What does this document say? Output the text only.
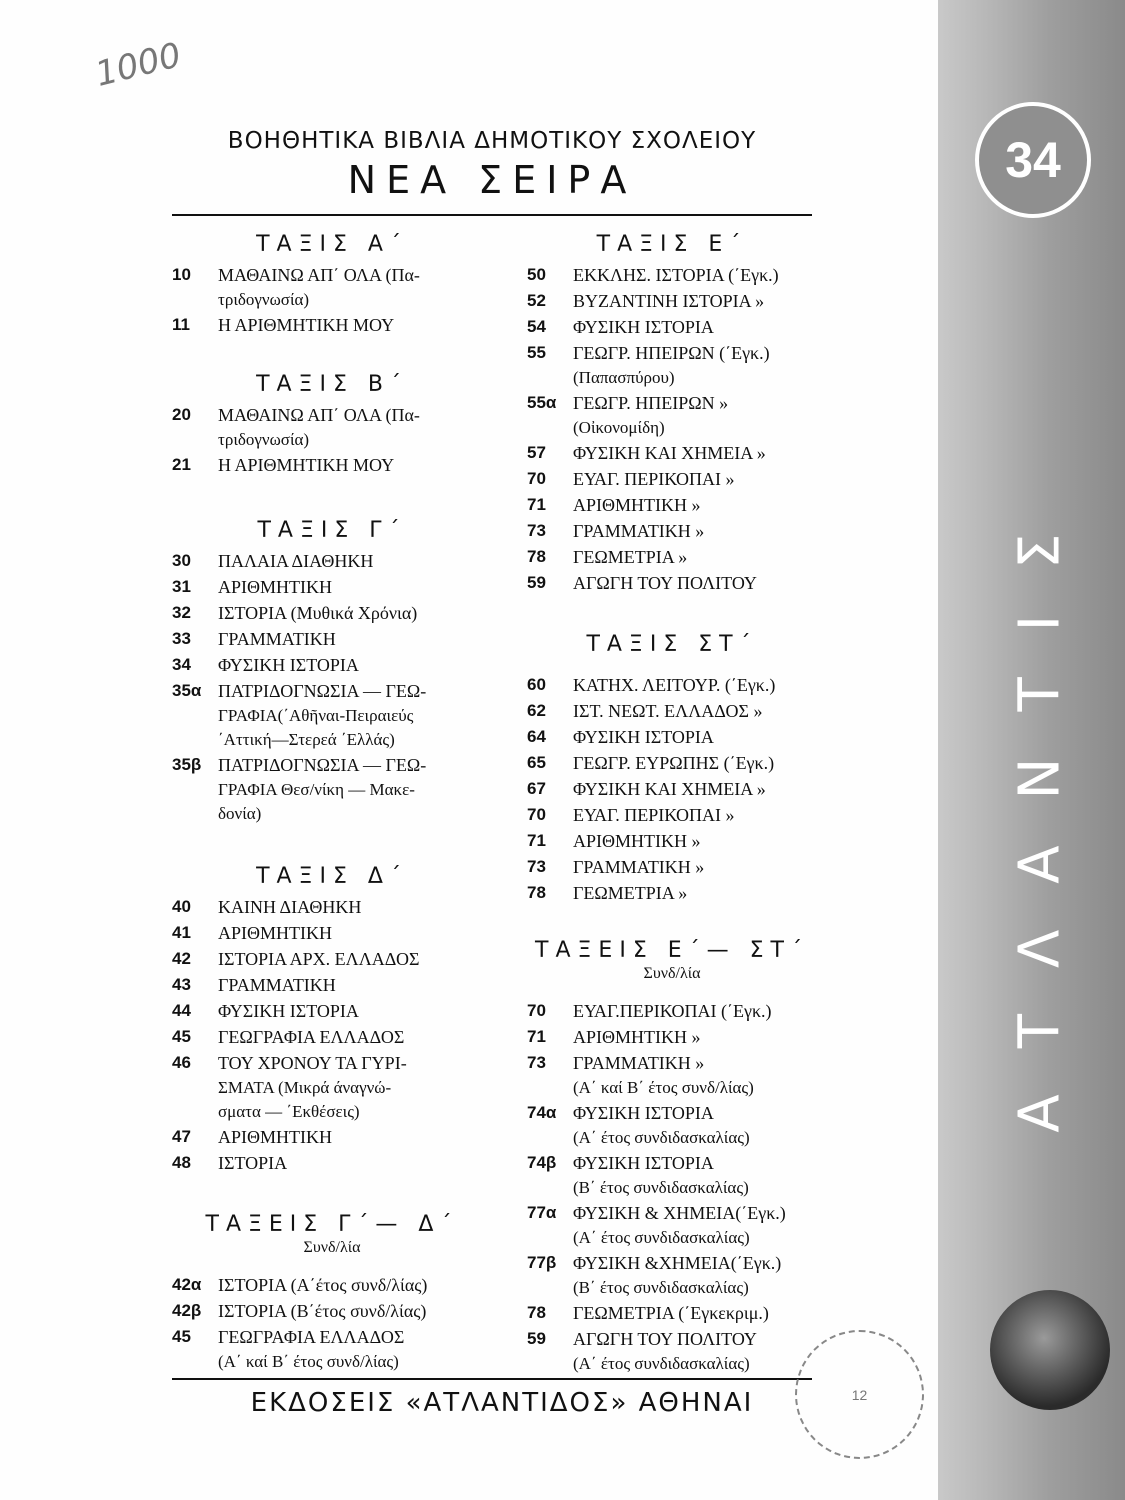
1000
ΒΟΗΘΗΤΙΚΑ ΒΙΒΛΙΑ ΔΗΜΟΤΙΚΟΥ ΣΧΟΛΕΙΟΥ
ΝΕΑ ΣΕΙΡΑ
ΤΑΞΙΣ Α΄
10	ΜΑΘΑΙΝΩ ΑΠ΄ ΟΛΑ (Πα-
τριδογνωσία)
11	Η ΑΡΙΘΜΗΤΙΚΗ ΜΟΥ
ΤΑΞΙΣ Β΄
20	ΜΑΘΑΙΝΩ ΑΠ΄ ΟΛΑ (Πα-
τριδογνωσία)
21	Η ΑΡΙΘΜΗΤΙΚΗ ΜΟΥ
ΤΑΞΙΣ Γ΄
30	ΠΑΛΑΙΑ ΔΙΑΘΗΚΗ
31	ΑΡΙΘΜΗΤΙΚΗ
32	ΙΣΤΟΡΙΑ (Μυθικά Χρόνια)
33	ΓΡΑΜΜΑΤΙΚΗ
34	ΦΥΣΙΚΗ ΙΣΤΟΡΙΑ
35α ΠΑΤΡΙΔΟΓΝΩΣΙΑ — ΓΕΩ-
ΓΡΑΦΙΑ(΄Αθῆναι-Πειραιεύς
΄Αττική—Στερεά ΄Ελλάς)
35β ΠΑΤΡΙΔΟΓΝΩΣΙΑ — ΓΕΩ-
ΓΡΑΦΙΑ Θεσ/νίκη — Μακε-
δονία)
ΤΑΞΙΣ Δ΄
40	ΚΑΙΝΗ ΔΙΑΘΗΚΗ
41	ΑΡΙΘΜΗΤΙΚΗ
42	ΙΣΤΟΡΙΑ ΑΡΧ. ΕΛΛΑΔΟΣ
43	ΓΡΑΜΜΑΤΙΚΗ
44	ΦΥΣΙΚΗ ΙΣΤΟΡΙΑ
45	ΓΕΩΓΡΑΦΙΑ ΕΛΛΑΔΟΣ
46	ΤΟΥ ΧΡΟΝΟΥ ΤΑ ΓΥΡΙ-
ΣΜΑΤΑ (Μικρά άναγνώ-
σματα — ΄Εκθέσεις)
47	ΑΡΙΘΜΗΤΙΚΗ
48	ΙΣΤΟΡΙΑ
ΤΑΞΕΙΣ Γ΄— Δ΄
Συνδ/λία
42α ΙΣΤΟΡΙΑ (Α΄έτος συνδ/λίας)
42β ΙΣΤΟΡΙΑ (Β΄έτος συνδ/λίας)
45	ΓΕΩΓΡΑΦΙΑ ΕΛΛΑΔΟΣ
(Α΄ καί Β΄ έτος συνδ/λίας)
ΤΑΞΙΣ Ε΄
50	ΕΚΚΛΗΣ. ΙΣΤΟΡΙΑ (΄Εγκ.)
52	ΒΥΖΑΝΤΙΝΗ ΙΣΤΟΡΙΑ »
54	ΦΥΣΙΚΗ ΙΣΤΟΡΙΑ
55	ΓΕΩΓΡ. ΗΠΕΙΡΩΝ (΄Εγκ.)
(Παπασπύρου)
55α ΓΕΩΓΡ. ΗΠΕΙΡΩΝ »
(Οἰκονομίδη)
57	ΦΥΣΙΚΗ ΚΑΙ ΧΗΜΕΙΑ »
70	ΕΥΑΓ. ΠΕΡΙΚΟΠΑΙ »
71	ΑΡΙΘΜΗΤΙΚΗ »
73	ΓΡΑΜΜΑΤΙΚΗ »
78	ΓΕΩΜΕΤΡΙΑ »
59	ΑΓΩΓΗ ΤΟΥ ΠΟΛΙΤΟΥ
ΤΑΞΙΣ ΣΤ΄
60	ΚΑΤΗΧ. ΛΕΙΤΟΥΡ. (΄Εγκ.)
62	ΙΣΤ. ΝΕΩΤ. ΕΛΛΑΔΟΣ »
64	ΦΥΣΙΚΗ ΙΣΤΟΡΙΑ
65	ΓΕΩΓΡ. ΕΥΡΩΠΗΣ (΄Εγκ.)
67	ΦΥΣΙΚΗ ΚΑΙ ΧΗΜΕΙΑ »
70	ΕΥΑΓ. ΠΕΡΙΚΟΠΑΙ »
71	ΑΡΙΘΜΗΤΙΚΗ »
73	ΓΡΑΜΜΑΤΙΚΗ »
78	ΓΕΩΜΕΤΡΙΑ »
ΤΑΞΕΙΣ Ε΄— ΣΤ΄
Συνδ/λία
70	ΕΥΑΓ.ΠΕΡΙΚΟΠΑΙ (΄Εγκ.)
71	ΑΡΙΘΜΗΤΙΚΗ »
73	ΓΡΑΜΜΑΤΙΚΗ »
(Α΄ καί Β΄ έτος συνδ/λίας)
74α ΦΥΣΙΚΗ ΙΣΤΟΡΙΑ
(Α΄ έτος συνδιδασκαλίας)
74β ΦΥΣΙΚΗ ΙΣΤΟΡΙΑ
(Β΄ έτος συνδιδασκαλίας)
77α ΦΥΣΙΚΗ & ΧΗΜΕΙΑ(΄Εγκ.)
(Α΄ έτος συνδιδασκαλίας)
77β ΦΥΣΙΚΗ &ΧΗΜΕΙΑ(΄Εγκ.)
(Β΄ έτος συνδιδασκαλίας)
78	ΓΕΩΜΕΤΡΙΑ (΄Εγκεκριμ.)
59	ΑΓΩΓΗ ΤΟΥ ΠΟΛΙΤΟΥ
(Α΄ έτος συνδιδασκαλίας)
ΕΚΔΟΣΕΙΣ «ΑΤΛΑΝΤΙΔΟΣ» ΑΘΗΝΑΙ	12
34
ΑΤΛΑΝΤΙΣ
